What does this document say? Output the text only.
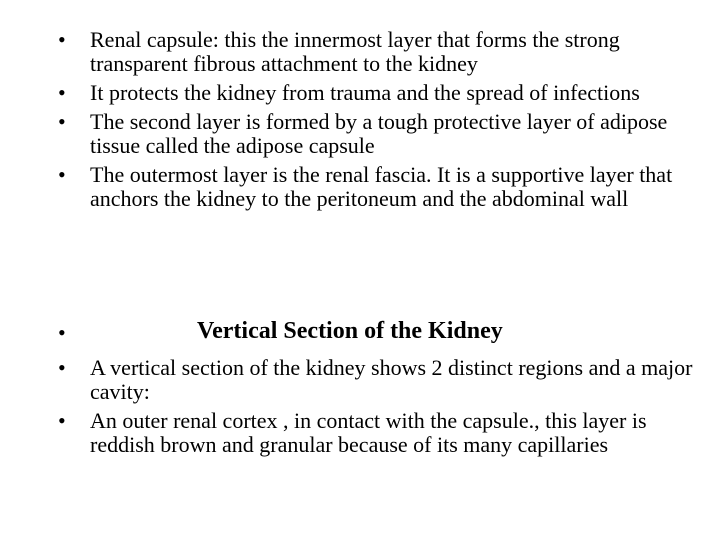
•	Renal capsule: this the innermost layer that forms the strong transparent fibrous attachment to the kidney
•	It protects the kidney from trauma and the spread of infections
•	The second layer is formed by a tough protective layer of adipose tissue called the adipose capsule
•	The outermost layer is the renal fascia. It is a supportive layer that anchors the kidney to the peritoneum and the abdominal wall
•	Vertical Section of the Kidney
•	A vertical section of the kidney shows 2 distinct regions and a major cavity:
•	An outer renal cortex , in contact with the capsule., this layer is reddish brown and granular because of its many capillaries
